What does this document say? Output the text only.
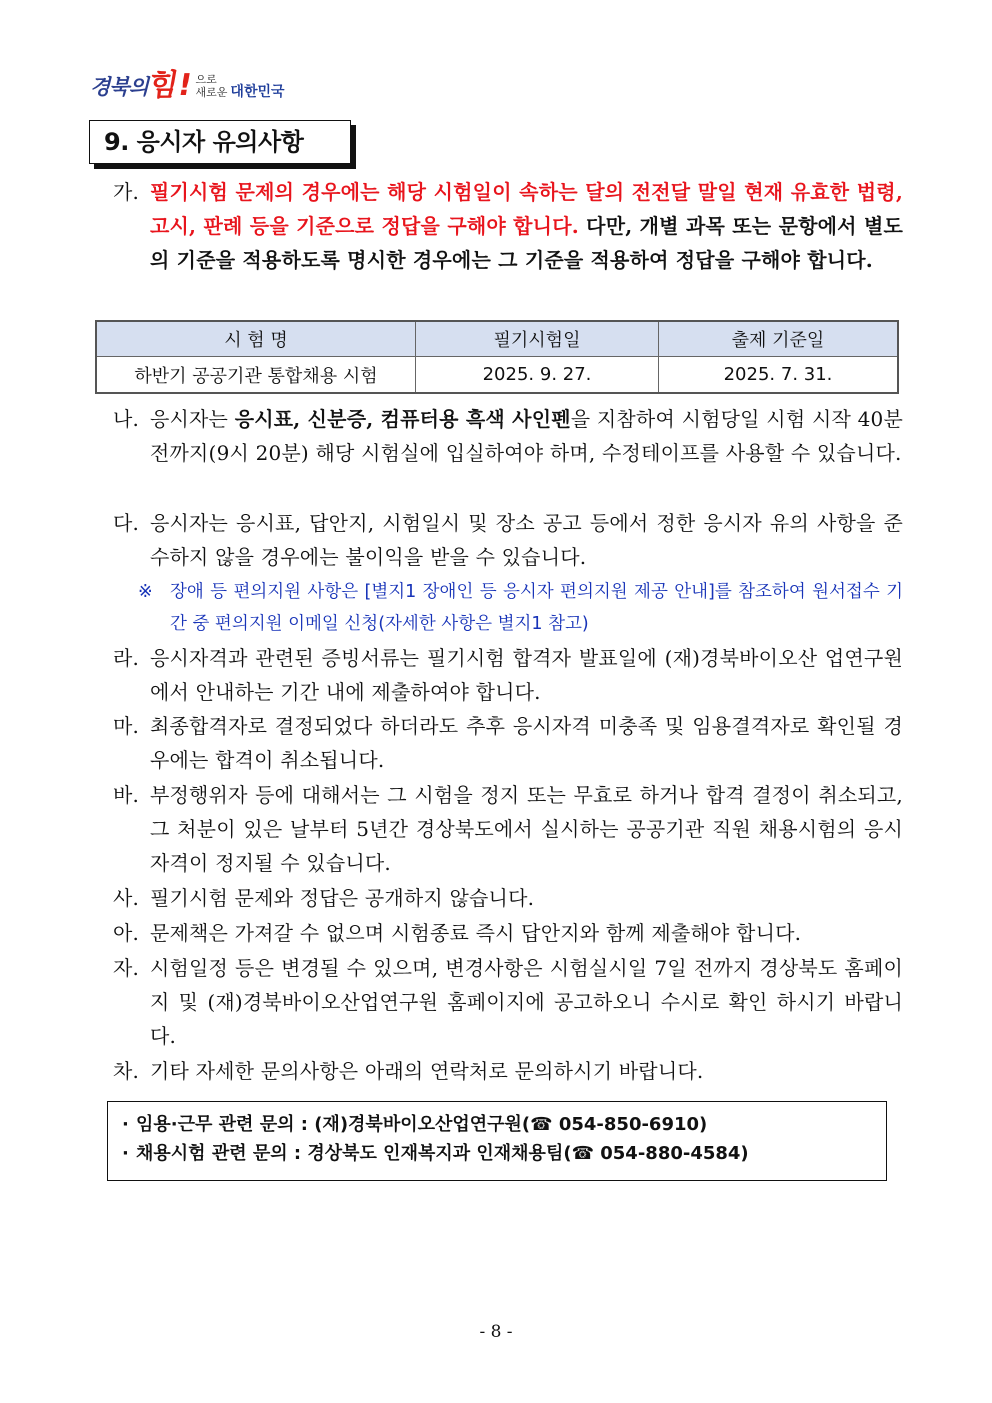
경북의
힘! 으로
새로운 대한민국
9. 응시자 유의사항
가. 필기시험 문제의 경우에는 해당 시험일이 속하는 달의 전전달 말일 현재 유효한 법령, 고시, 판례 등을 기준으로 정답을 구해야 합니다. 다만, 개별 과목 또는 문항에서 별도의 기준을 적용하도록 명시한 경우에는 그 기준을 적용하여 정답을 구해야 합니다.
시 험 명	필기시험일	출제 기준일
하반기 공공기관 통합채용 시험	2025. 9. 27.	2025. 7. 31.
나. 응시자는 응시표, 신분증, 컴퓨터용 흑색 사인펜을 지참하여 시험당일 시험 시작 40분 전까지(9시 20분) 해당 시험실에 입실하여야 하며, 수정테이프를 사용할 수 있습니다.
다. 응시자는 응시표, 답안지, 시험일시 및 장소 공고 등에서 정한 응시자 유의 사항을 준수하지 않을 경우에는 불이익을 받을 수 있습니다.
※ 장애 등 편의지원 사항은 [별지1 장애인 등 응시자 편의지원 제공 안내]를 참조하여 원서접수 기간 중 편의지원 이메일 신청(자세한 사항은 별지1 참고)
라. 응시자격과 관련된 증빙서류는 필기시험 합격자 발표일에 (재)경북바이오산 업연구원에서 안내하는 기간 내에 제출하여야 합니다.
마. 최종합격자로 결정되었다 하더라도 추후 응시자격 미충족 및 임용결격자로 확인될 경우에는 합격이 취소됩니다.
바. 부정행위자 등에 대해서는 그 시험을 정지 또는 무효로 하거나 합격 결정이 취소되고, 그 처분이 있은 날부터 5년간 경상북도에서 실시하는 공공기관 직원 채용시험의 응시자격이 정지될 수 있습니다.
사. 필기시험 문제와 정답은 공개하지 않습니다.
아. 문제책은 가져갈 수 없으며 시험종료 즉시 답안지와 함께 제출해야 합니다.
자. 시험일정 등은 변경될 수 있으며, 변경사항은 시험실시일 7일 전까지 경상북도 홈페이지 및 (재)경북바이오산업연구원 홈페이지에 공고하오니 수시로 확인 하시기 바랍니다.
차. 기타 자세한 문의사항은 아래의 연락처로 문의하시기 바랍니다.
· 임용·근무 관련 문의 : (재)경북바이오산업연구원(☎ 054-850-6910)
· 채용시험 관련 문의 : 경상북도 인재복지과 인재채용팀(☎ 054-880-4584)
- 8 -
